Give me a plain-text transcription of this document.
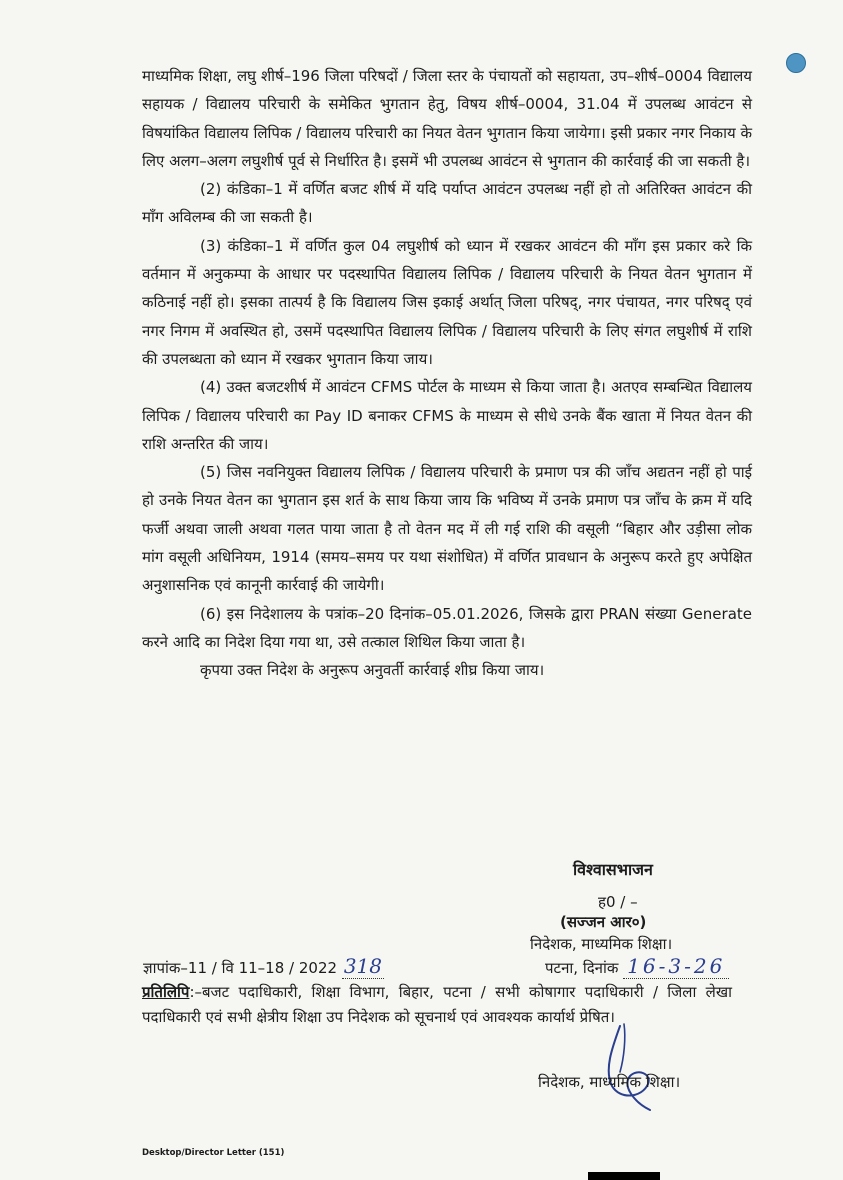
माध्यमिक शिक्षा, लघु शीर्ष–196 जिला परिषदों / जिला स्तर के पंचायतों को सहायता, उप–शीर्ष–0004 विद्यालय सहायक / विद्यालय परिचारी के समेकित भुगतान हेतु, विषय शीर्ष–0004, 31.04 में उपलब्ध आवंटन से विषयांकित विद्यालय लिपिक / विद्यालय परिचारी का नियत वेतन भुगतान किया जायेगा। इसी प्रकार नगर निकाय के लिए अलग–अलग लघुशीर्ष पूर्व से निर्धारित है। इसमें भी उपलब्ध आवंटन से भुगतान की कार्रवाई की जा सकती है।

(2) कंडिका–1 में वर्णित बजट शीर्ष में यदि पर्याप्त आवंटन उपलब्ध नहीं हो तो अतिरिक्त आवंटन की माँग अविलम्ब की जा सकती है।

(3) कंडिका–1 में वर्णित कुल 04 लघुशीर्ष को ध्यान में रखकर आवंटन की माँग इस प्रकार करे कि वर्तमान में अनुकम्पा के आधार पर पदस्थापित विद्यालय लिपिक / विद्यालय परिचारी के नियत वेतन भुगतान में कठिनाई नहीं हो। इसका तात्पर्य है कि विद्यालय जिस इकाई अर्थात् जिला परिषद्, नगर पंचायत, नगर परिषद् एवं नगर निगम में अवस्थित हो, उसमें पदस्थापित विद्यालय लिपिक / विद्यालय परिचारी के लिए संगत लघुशीर्ष में राशि की उपलब्धता को ध्यान में रखकर भुगतान किया जाय।

(4) उक्त बजटशीर्ष में आवंटन CFMS पोर्टल के माध्यम से किया जाता है। अतएव सम्बन्धित विद्यालय लिपिक / विद्यालय परिचारी का Pay ID बनाकर CFMS के माध्यम से सीधे उनके बैंक खाता में नियत वेतन की राशि अन्तरित की जाय।

(5) जिस नवनियुक्त विद्यालय लिपिक / विद्यालय परिचारी के प्रमाण पत्र की जाँच अद्यतन नहीं हो पाई हो उनके नियत वेतन का भुगतान इस शर्त के साथ किया जाय कि भविष्य में उनके प्रमाण पत्र जाँच के क्रम में यदि फर्जी अथवा जाली अथवा गलत पाया जाता है तो वेतन मद में ली गई राशि की वसूली “बिहार और उड़ीसा लोक मांग वसूली अधिनियम, 1914 (समय–समय पर यथा संशोधित) में वर्णित प्रावधान के अनुरूप करते हुए अपेक्षित अनुशासनिक एवं कानूनी कार्रवाई की जायेगी।

(6) इस निदेशालय के पत्रांक–20 दिनांक–05.01.2026, जिसके द्वारा PRAN संख्या Generate करने आदि का निदेश दिया गया था, उसे तत्काल शिथिल किया जाता है।

कृपया उक्त निदेश के अनुरूप अनुवर्ती कार्रवाई शीघ्र किया जाय।

विश्वासभाजन
ह0 / –
(सज्जन आर०)
निदेशक, माध्यमिक शिक्षा।
ज्ञापांक–11 / वि 11–18 / 2022 318	पटना, दिनांक 16-3-26
प्रतिलिपि:–बजट पदाधिकारी, शिक्षा विभाग, बिहार, पटना / सभी कोषागार पदाधिकारी / जिला लेखा पदाधिकारी एवं सभी क्षेत्रीय शिक्षा उप निदेशक को सूचनार्थ एवं आवश्यक कार्यार्थ प्रेषित।
निदेशक, माध्यमिक शिक्षा।
Desktop/Director Letter (151)
